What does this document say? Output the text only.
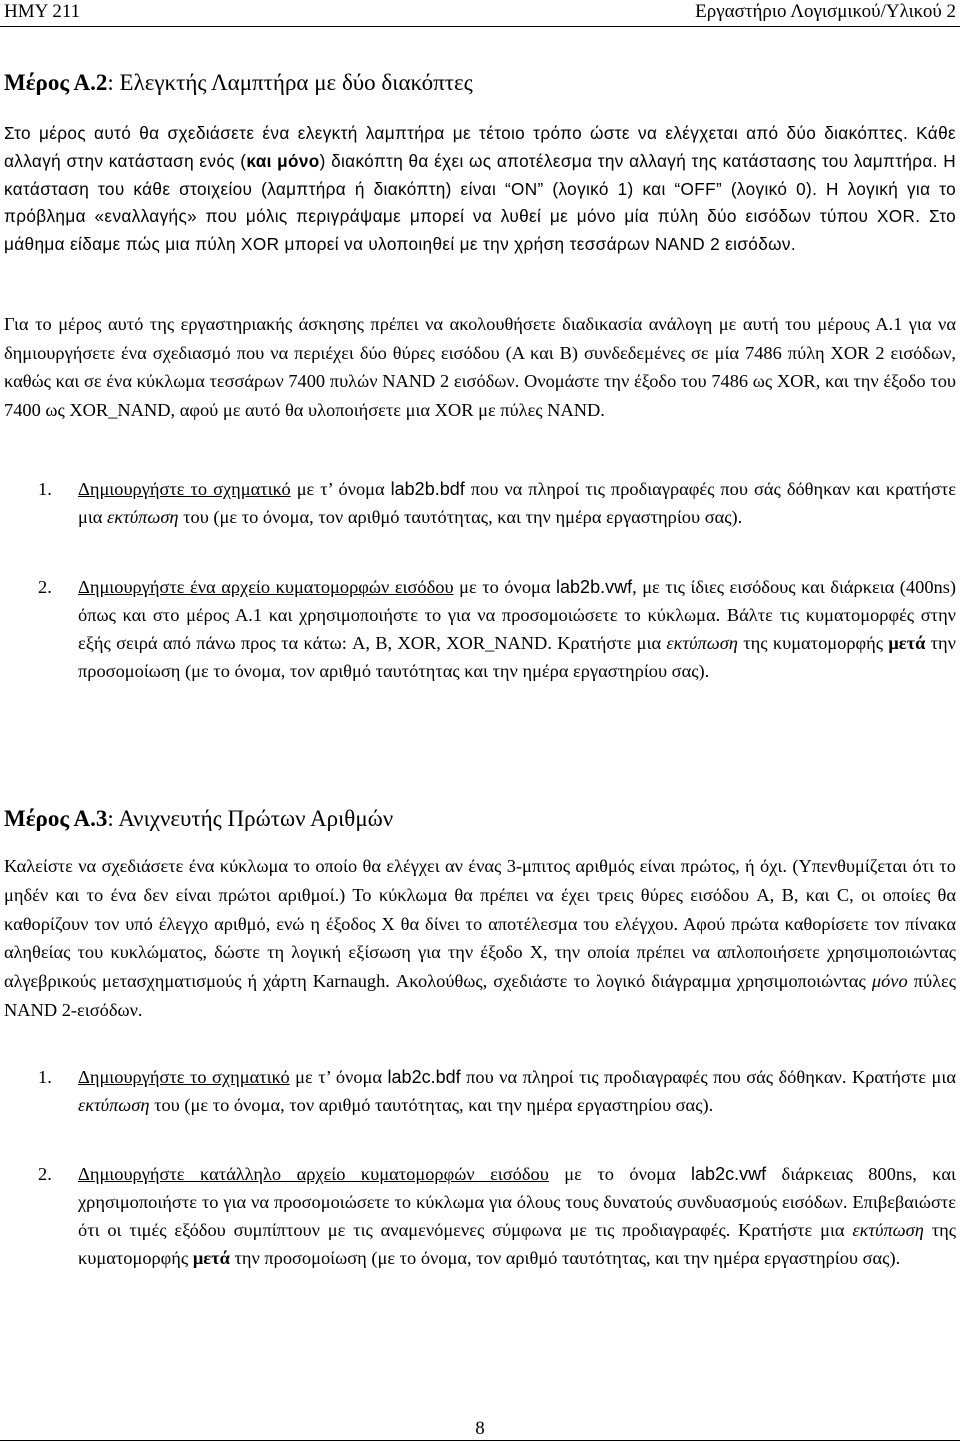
ΗΜΥ 211	Εργαστήριο Λογισμικού/Υλικού 2
Μέρος Α.2: Ελεγκτής Λαμπτήρα με δύο διακόπτες
Στο μέρος αυτό θα σχεδιάσετε ένα ελεγκτή λαμπτήρα με τέτοιο τρόπο ώστε να ελέγχεται από δύο διακόπτες. Κάθε αλλαγή στην κατάσταση ενός (και μόνο) διακόπτη θα έχει ως αποτέλεσμα την αλλαγή της κατάστασης του λαμπτήρα. Η κατάσταση του κάθε στοιχείου (λαμπτήρα ή διακόπτη) είναι “ON” (λογικό 1) και “OFF” (λογικό 0). Η λογική για το πρόβλημα «εναλλαγής» που μόλις περιγράψαμε μπορεί να λυθεί με μόνο μία πύλη δύο εισόδων τύπου XOR. Στο μάθημα είδαμε πώς μια πύλη XOR μπορεί να υλοποιηθεί με την χρήση τεσσάρων NAND 2 εισόδων.
Για το μέρος αυτό της εργαστηριακής άσκησης πρέπει να ακολουθήσετε διαδικασία ανάλογη με αυτή του μέρους Α.1 για να δημιουργήσετε ένα σχεδιασμό που να περιέχει δύο θύρες εισόδου (A και B) συνδεδεμένες σε μία 7486 πύλη XOR 2 εισόδων, καθώς και σε ένα κύκλωμα τεσσάρων 7400 πυλών NAND 2 εισόδων. Ονομάστε την έξοδο του 7486 ως XOR, και την έξοδο του 7400 ως XOR_NAND, αφού με αυτό θα υλοποιήσετε μια XOR με πύλες NAND.
1. Δημιουργήστε το σχηματικό με τ’ όνομα lab2b.bdf που να πληροί τις προδιαγραφές που σάς δόθηκαν και κρατήστε μια εκτύπωση του (με το όνομα, τον αριθμό ταυτότητας, και την ημέρα εργαστηρίου σας).
2. Δημιουργήστε ένα αρχείο κυματομορφών εισόδου με το όνομα lab2b.vwf, με τις ίδιες εισόδους και διάρκεια (400ns) όπως και στο μέρος Α.1 και χρησιμοποιήστε το για να προσομοιώσετε το κύκλωμα. Βάλτε τις κυματομορφές στην εξής σειρά από πάνω προς τα κάτω: A, B, XOR, XOR_NAND. Κρατήστε μια εκτύπωση της κυματομορφής μετά την προσομοίωση (με το όνομα, τον αριθμό ταυτότητας και την ημέρα εργαστηρίου σας).
Μέρος Α.3: Ανιχνευτής Πρώτων Αριθμών
Καλείστε να σχεδιάσετε ένα κύκλωμα το οποίο θα ελέγχει αν ένας 3-μπιτος αριθμός είναι πρώτος, ή όχι. (Υπενθυμίζεται ότι το μηδέν και το ένα δεν είναι πρώτοι αριθμοί.) Το κύκλωμα θα πρέπει να έχει τρεις θύρες εισόδου A, B, και C, οι οποίες θα καθορίζουν τον υπό έλεγχο αριθμό, ενώ η έξοδος X θα δίνει το αποτέλεσμα του ελέγχου. Αφού πρώτα καθορίσετε τον πίνακα αληθείας του κυκλώματος, δώστε τη λογική εξίσωση για την έξοδο X, την οποία πρέπει να απλοποιήσετε χρησιμοποιώντας αλγεβρικούς μετασχηματισμούς ή χάρτη Karnaugh. Ακολούθως, σχεδιάστε το λογικό διάγραμμα χρησιμοποιώντας μόνο πύλες NAND 2-εισόδων.
1. Δημιουργήστε το σχηματικό με τ’ όνομα lab2c.bdf που να πληροί τις προδιαγραφές που σάς δόθηκαν. Κρατήστε μια εκτύπωση του (με το όνομα, τον αριθμό ταυτότητας, και την ημέρα εργαστηρίου σας).
2. Δημιουργήστε κατάλληλο αρχείο κυματομορφών εισόδου με το όνομα lab2c.vwf διάρκειας 800ns, και χρησιμοποιήστε το για να προσομοιώσετε το κύκλωμα για όλους τους δυνατούς συνδυασμούς εισόδων. Επιβεβαιώστε ότι οι τιμές εξόδου συμπίπτουν με τις αναμενόμενες σύμφωνα με τις προδιαγραφές. Κρατήστε μια εκτύπωση της κυματομορφής μετά την προσομοίωση (με το όνομα, τον αριθμό ταυτότητας, και την ημέρα εργαστηρίου σας).
8
